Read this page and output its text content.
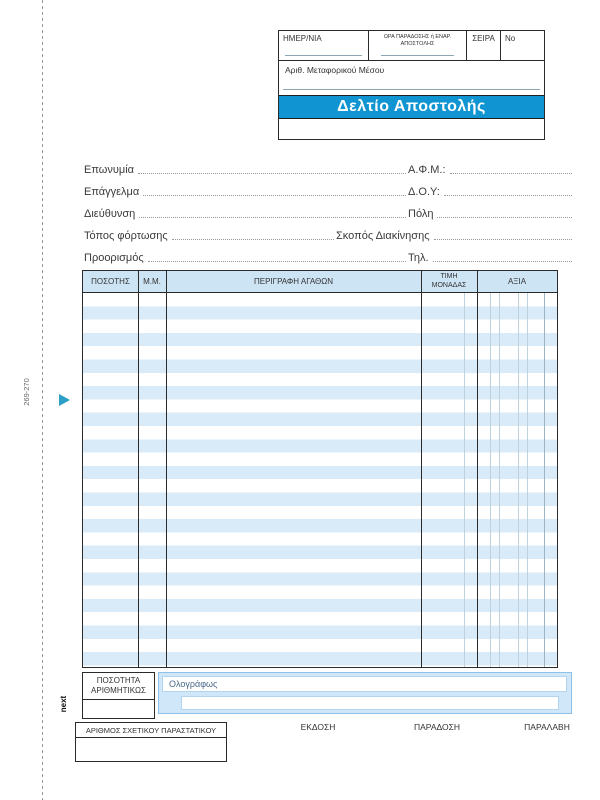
269-270
next
ΗΜΕΡ/ΝΙΑ	ΩΡΑ ΠΑΡΑΔΟΣΗΣ ή ΕΝΑΡ. ΑΠΟΣΤΟΛΗΣ
ΣΕΙΡΑ	No
Αριθ. Μεταφορικού Μέσου
Δελτίο Αποστολής
Επωνυμία	Α.Φ.Μ.:
Επάγγελμα	Δ.Ο.Υ:
Διεύθυνση	Πόλη
Τόπος φόρτωσης	Σκοπός Διακίνησης
Προορισμός	Τηλ.
ΠΟΣΟΤΗΣ	Μ.Μ.	ΠΕΡΙΓΡΑΦΗ ΑΓΑΘΩΝ	ΤΙΜΗ ΜΟΝΑΔΑΣ	ΑΞΙΑ
ΠΟΣΟΤΗΤΑ
ΑΡΙΘΜΗΤΙΚΩΣ
Ολογράφως
ΕΚΔΟΣΗ	ΠΑΡΑΔΟΣΗ	ΠΑΡΑΛΑΒΗ
ΑΡΙΘΜΟΣ ΣΧΕΤΙΚΟΥ ΠΑΡΑΣΤΑΤΙΚΟΥ
